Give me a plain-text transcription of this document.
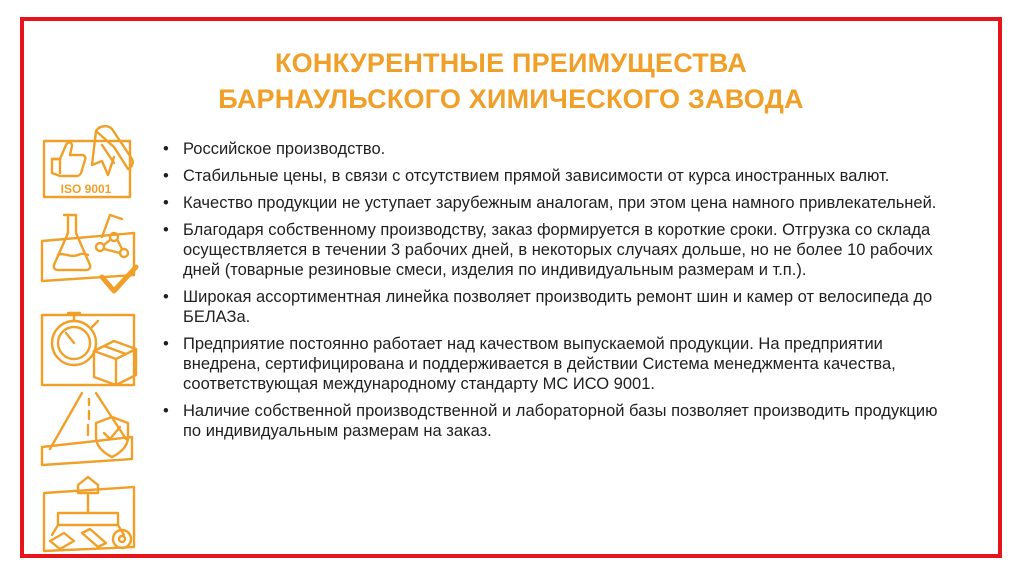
КОНКУРЕНТНЫЕ ПРЕИМУЩЕСТВА
БАРНАУЛЬСКОГО ХИМИЧЕСКОГО ЗАВОДА
ISO 9001
• Российское производство.
• Стабильные цены, в связи с отсутствием прямой зависимости от курса иностранных валют.
• Качество продукции не уступает зарубежным аналогам, при этом цена намного привлекательней.
• Благодаря собственному производству, заказ формируется в короткие сроки. Отгрузка со склада осуществляется в течении 3 рабочих дней, в некоторых случаях дольше, но не более 10 рабочих дней (товарные резиновые смеси, изделия по индивидуальным размерам и т.п.).
• Широкая ассортиментная линейка позволяет производить ремонт шин и камер от велосипеда до БЕЛАЗа.
• Предприятие постоянно работает над качеством выпускаемой продукции. На предприятии внедрена, сертифицирована и поддерживается в действии Система менеджмента качества, соответствующая международному стандарту МС ИСО 9001.
• Наличие собственной производственной и лабораторной базы позволяет производить продукцию по индивидуальным размерам на заказ.
